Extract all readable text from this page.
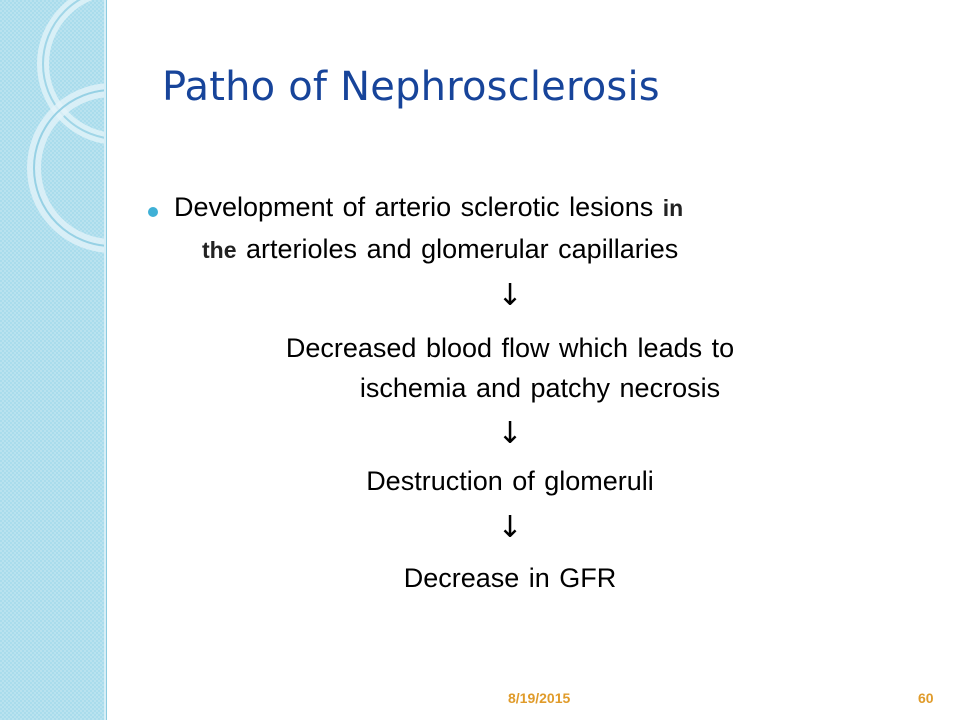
Patho of Nephrosclerosis
Development of arterio sclerotic lesions in
the arterioles and glomerular capillaries
↓
Decreased blood flow which leads to
ischemia and patchy necrosis
↓
Destruction of glomeruli
↓
Decrease in GFR
8/19/2015	60
